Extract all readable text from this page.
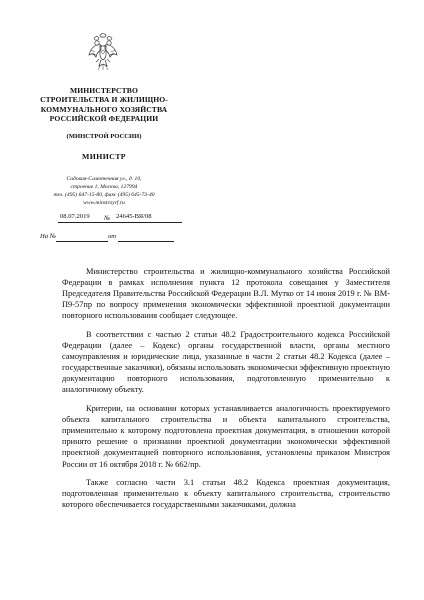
МИНИСТЕРСТВО
СТРОИТЕЛЬСТВА И ЖИЛИЩНО-
КОММУНАЛЬНОГО ХОЗЯЙСТВА
РОССИЙСКОЙ ФЕДЕРАЦИИ
(МИНСТРОЙ РОССИИ)
МИНИСТР
Садовая-Самотечная ул., д. 10,
строение 1, Москва, 127994
тел. (495) 647-15-80, факс (495) 645-73-40
www.minstroyrf.ru
08.07.2019 № 24645-ВЯ/08
На №	от

Министерство строительства и жилищно-коммунального хозяйства Российской Федерации в рамках исполнения пункта 12 протокола совещания у Заместителя Председателя Правительства Российской Федерации В.Л. Мутко от 14 июня 2019 г. № ВМ-П9-57пр по вопросу применения экономически эффективной проектной документации повторного использования сообщает следующее.

В соответствии с частью 2 статьи 48.2 Градостроительного кодекса Российской Федерации (далее – Кодекс) органы государственной власти, органы местного самоуправления и юридические лица, указанные в части 2 статьи 48.2 Кодекса (далее – государственные заказчики), обязаны использовать экономически эффективную проектную документацию повторного использования, подготовленную применительно к аналогичному объекту.

Критерии, на основании которых устанавливается аналогичность проектируемого объекта капитального строительства и объекта капитального строительства, применительно к которому подготовлена проектная документация, в отношении которой принято решение о признании проектной документации экономически эффективной проектной документацией повторного использования, установлены приказом Минстроя России от 16 октября 2018 г. № 662/пр.

Также согласно части 3.1 статьи 48.2 Кодекса проектная документация, подготовленная применительно к объекту капитального строительства, строительство которого обеспечивается государственными заказчиками, должна
